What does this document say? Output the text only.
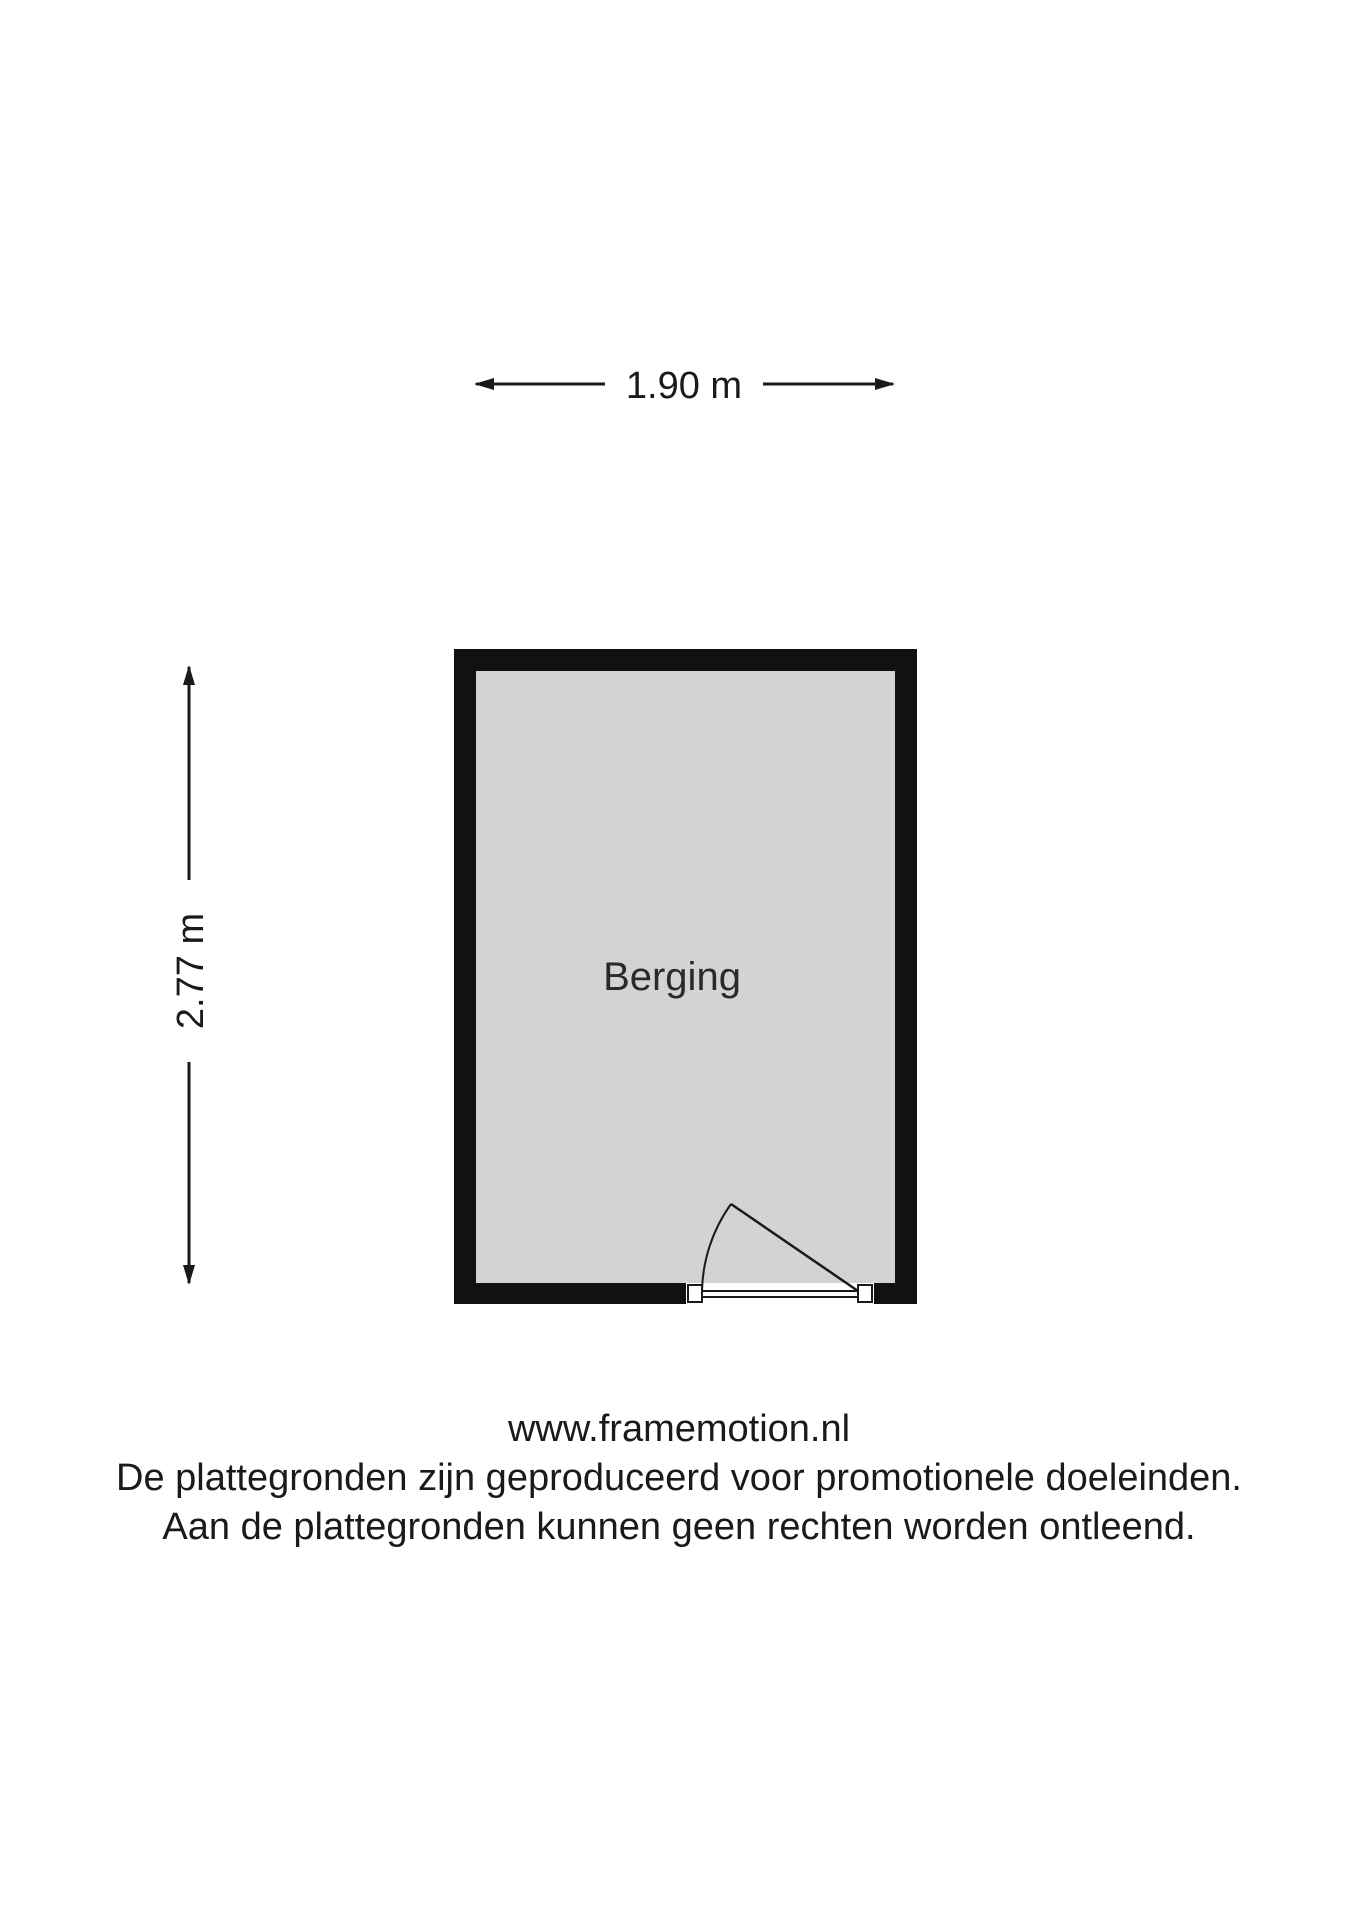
1.90 m
2.77 m	Berging
www.framemotion.nl
De plattegronden zijn geproduceerd voor promotionele doeleinden.
Aan de plattegronden kunnen geen rechten worden ontleend.
